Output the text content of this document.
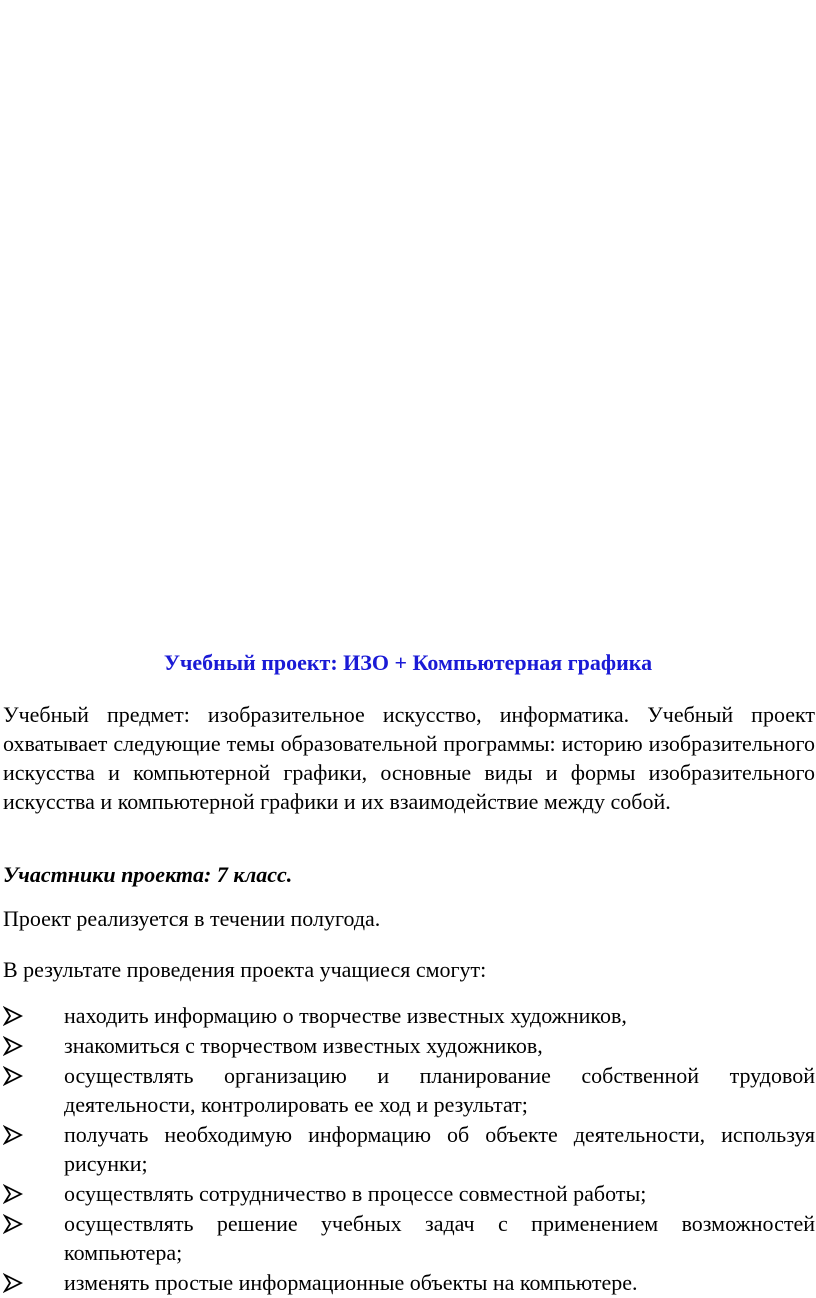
Учебный проект: ИЗО + Компьютерная графика

Учебный предмет: изобразительное искусство, информатика. Учебный проект охватывает следующие темы образовательной программы: историю изобразительного искусства и компьютерной графики, основные виды и формы изобразительного искусства и компьютерной графики и их взаимодействие между собой.

Участники проекта: 7 класс.

Проект реализуется в течении полугода.

В результате проведения проекта учащиеся смогут:

находить информацию о творчестве известных художников,
знакомиться с творчеством известных художников,
осуществлять организацию и планирование собственной трудовой деятельности, контролировать ее ход и результат;
получать необходимую информацию об объекте деятельности, используя рисунки;
осуществлять сотрудничество в процессе совместной работы;
осуществлять решение учебных задач с применением возможностей компьютера;
изменять простые информационные объекты на компьютере.
